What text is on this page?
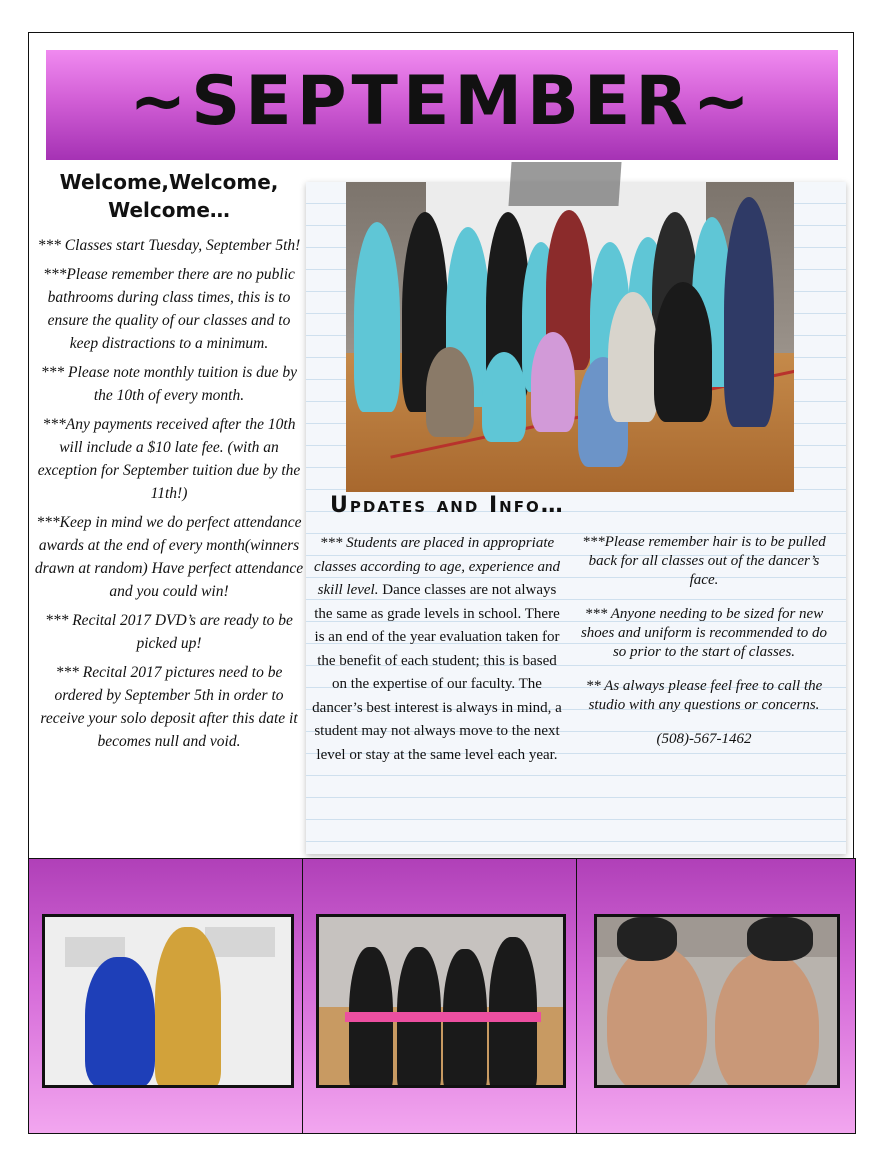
~SEPTEMBER~
Welcome,Welcome, Welcome…

*** Classes start Tuesday, September 5th!

***Please remember there are no public bathrooms during class times, this is to ensure the quality of our classes and to keep distractions to a minimum.

*** Please note monthly tuition is due by the 10th of every month.

***Any payments received after the 10th will include a $10 late fee. (with an exception for September tuition due by the 11th!)

***Keep in mind we do perfect attendance awards at the end of every month(winners drawn at random) Have perfect attendance and you could win!

*** Recital 2017 DVD’s are ready to be picked up!

*** Recital 2017 pictures need to be ordered by September 5th in order to receive your solo deposit after this date it becomes null and void.

Updates and Info…
*** Students are placed in appropriate classes according to age, experience and skill level. Dance classes are not always the same as grade levels in school. There is an end of the year evaluation taken for the benefit of each student; this is based on the expertise of our faculty. The dancer’s best interest is always in mind, a student may not always move to the next level or stay at the same level each year.

***Please remember hair is to be pulled back for all classes out of the dancer’s face.

*** Anyone needing to be sized for new shoes and uniform is recommended to do so prior to the start of classes.

** As always please feel free to call the studio with any questions or concerns.

(508)-567-1462
